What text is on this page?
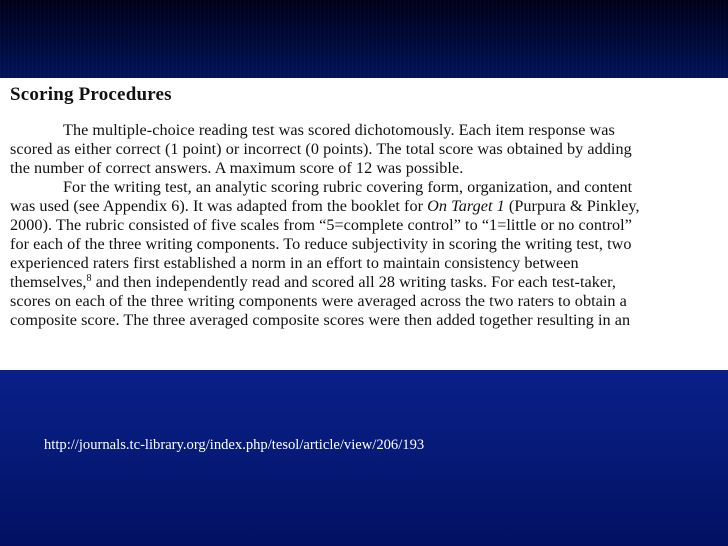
Scoring Procedures
The multiple-choice reading test was scored dichotomously. Each item response was
scored as either correct (1 point) or incorrect (0 points). The total score was obtained by adding
the number of correct answers. A maximum score of 12 was possible.
For the writing test, an analytic scoring rubric covering form, organization, and content
was used (see Appendix 6). It was adapted from the booklet for On Target 1 (Purpura & Pinkley,
2000). The rubric consisted of five scales from “5=complete control” to “1=little or no control”
for each of the three writing components. To reduce subjectivity in scoring the writing test, two
experienced raters first established a norm in an effort to maintain consistency between
themselves,$^8$ and then independently read and scored all 28 writing tasks. For each test-taker,
scores on each of the three writing components were averaged across the two raters to obtain a
composite score. The three averaged composite scores were then added together resulting in an
http://journals.tc-library.org/index.php/tesol/article/view/206/193
